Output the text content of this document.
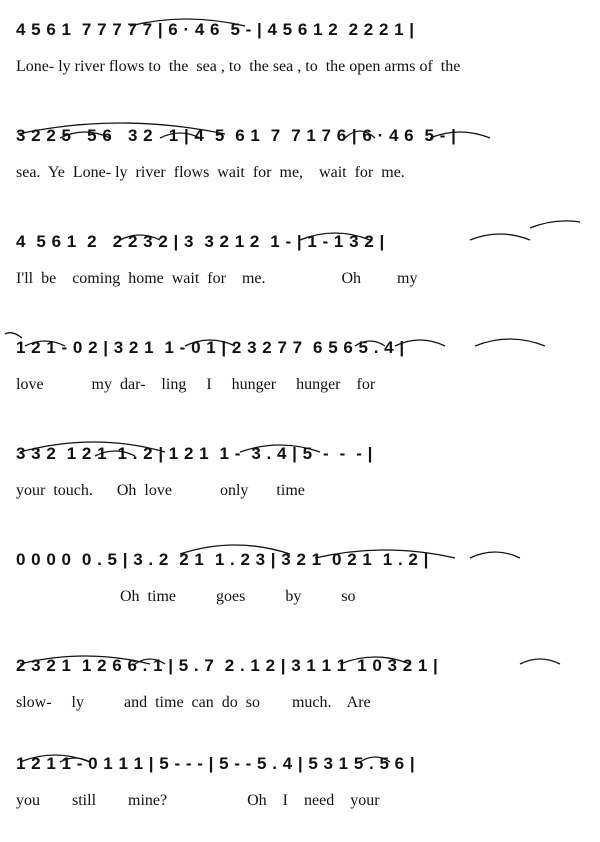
4 5 6 1  7 7 7 7 7 | 6 · 4 6  5 - | 4 5 6 1 2  2 2 2 1 |
Lone- ly river flows to  the  sea , to  the sea , to  the open arms of  the
3 2 2 5   5 6   3 2   1 | 4  5  6 1  7  7 1 7 6 | 6 · 4 6  5 - |
sea.  Ye  Lone- ly  river  flows  wait  for  me,    wait  for  me.
4  5 6 1  2   2 2 3 2 | 3  3 2 1 2  1 - | 1 - 1 3 2 |
I'll  be    coming  home  wait  for    me.                   Oh         my
1 2 1 - 0 2 | 3 2 1  1 - 0 1 | 2 3 2 7 7  6 5 6 5 . 4 |
love            my  dar-    ling     I     hunger     hunger    for
3 3 2  1 2 1  1 . 2 | 1 2 1  1 -  3 . 4 | 5  -  -  - |
your  touch.      Oh  love            only       time
0 0 0 0  0 . 5 | 3 . 2  2 1  1 . 2 3 | 3 2 1  0 2 1  1 . 2 |
Oh  time          goes          by          so
2 3 2 1  1 2 6 6 . 1 | 5 . 7  2 . 1 2 | 3 1 1 1  1 0 3 2 1 |
slow-     ly          and  time  can  do  so        much.    Are
1 2 1 1 - 0 1 1 1 | 5 - - - | 5 - - 5 . 4 | 5 3 1 5 . 5 6 |
you        still        mine?                    Oh    I    need    your
